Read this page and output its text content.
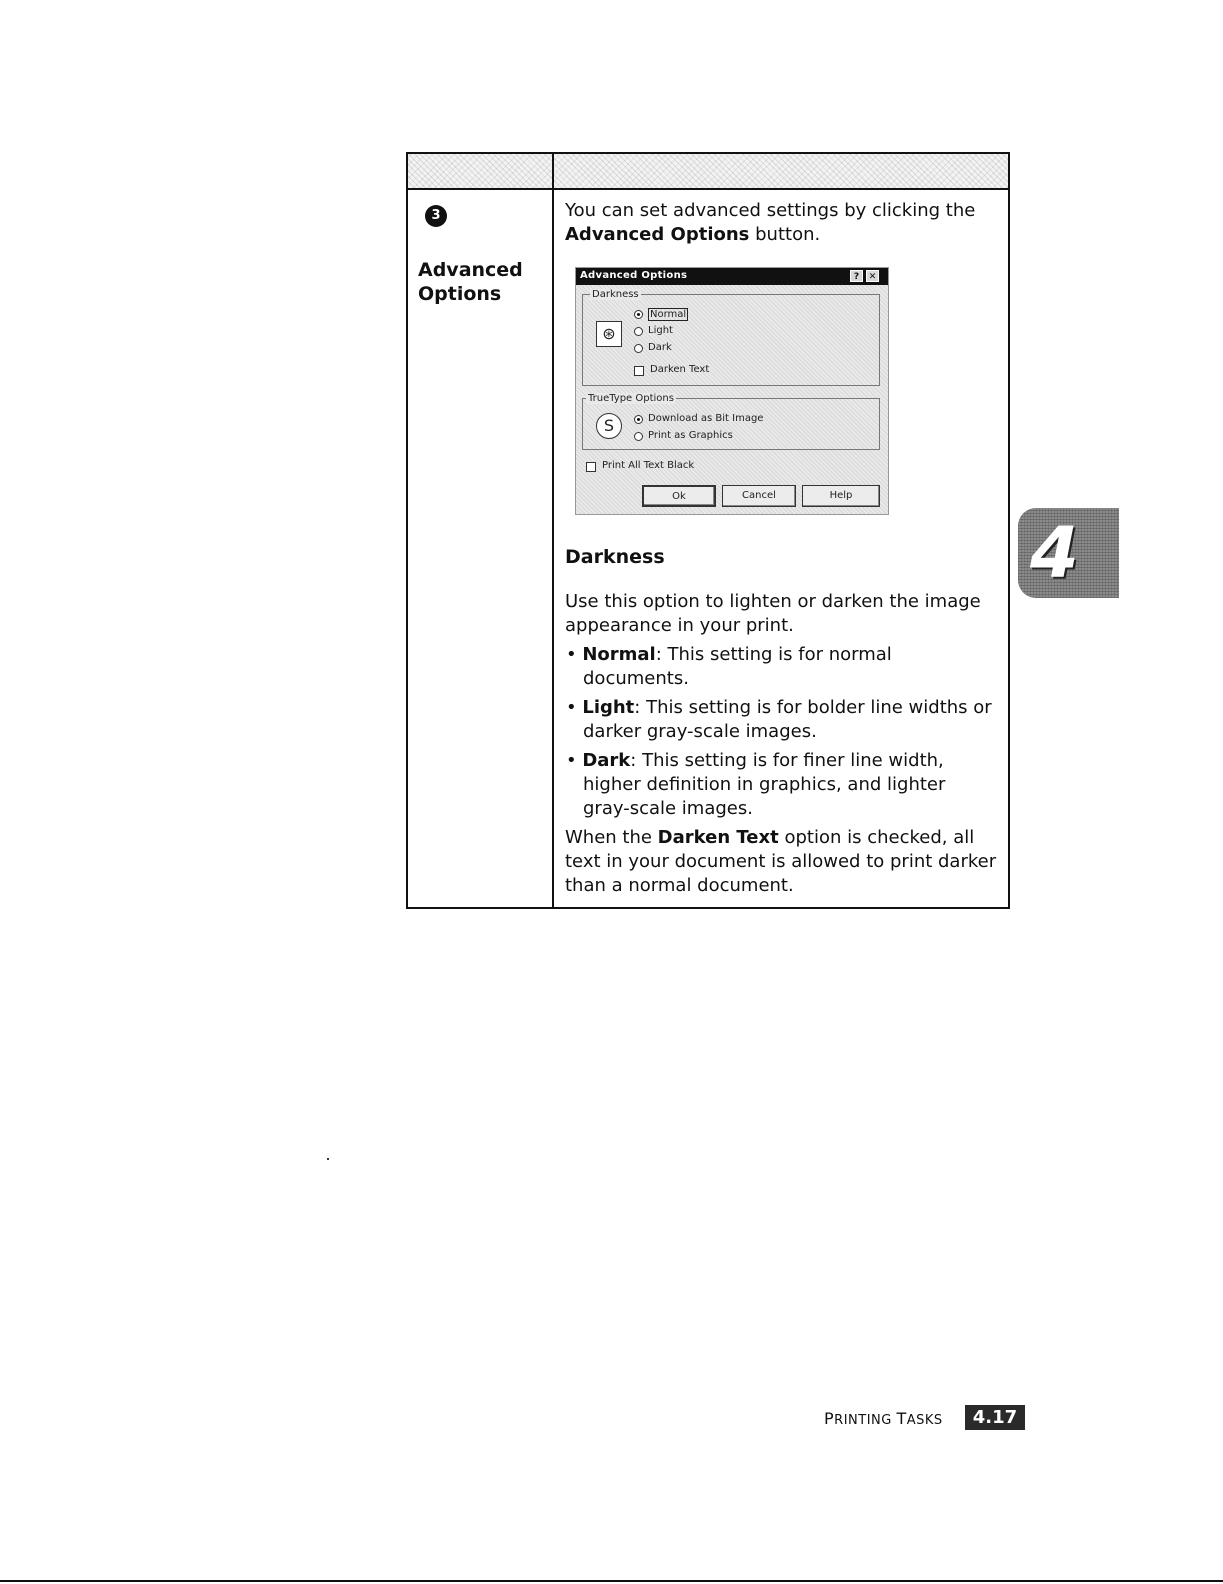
3
Advanced Options
You can set advanced settings by clicking the Advanced Options button.
Advanced Options	?	✕
Darkness
⊛
Normal
Light
Dark
Darken Text
TrueType Options
S	Download as Bit Image
Print as Graphics
Print All Text Black
Ok	Cancel	Help
Darkness
Use this option to lighten or darken the image appearance in your print.
• Normal: This setting is for normal documents.
• Light: This setting is for bolder line widths or darker gray-scale images.
• Dark: This setting is for finer line width, higher definition in graphics, and lighter gray-scale images.
When the Darken Text option is checked, all text in your document is allowed to print darker than a normal document.
4
PRINTING TASKS	4.17
